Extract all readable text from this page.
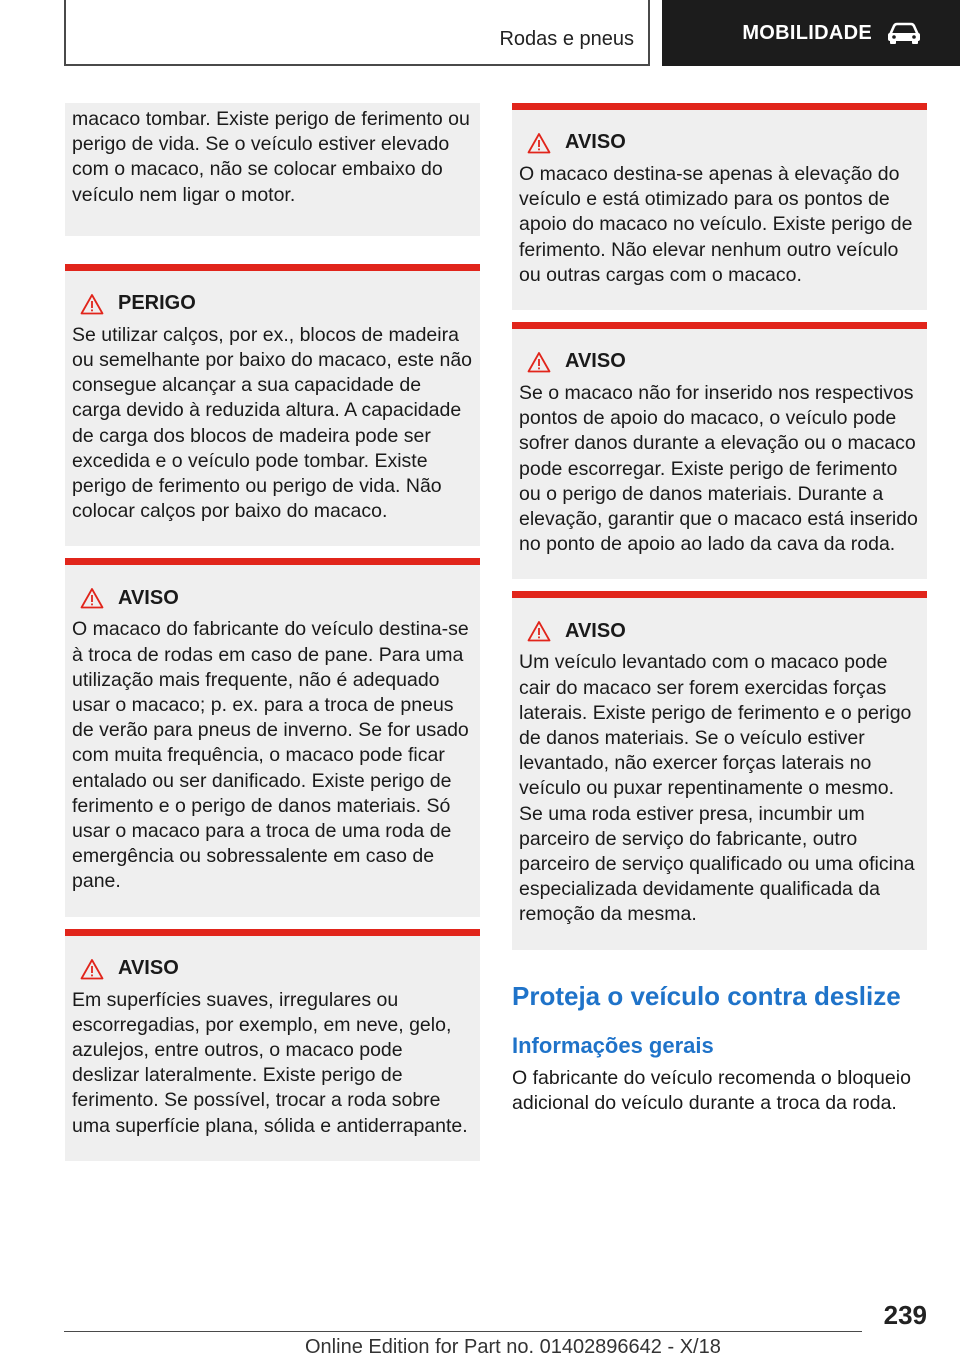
Rodas e pneus	MOBILIDADE
macaco tombar. Existe perigo de ferimento ou perigo de vida. Se o veículo estiver elevado com o macaco, não se colocar embaixo do veículo nem ligar o motor.
PERIGO
Se utilizar calços, por ex., blocos de madeira ou semelhante por baixo do macaco, este não consegue alcançar a sua capacidade de carga devido à reduzida altura. A capacidade de carga dos blocos de madeira pode ser excedida e o veículo pode tombar. Existe perigo de ferimento ou perigo de vida. Não colocar calços por baixo do macaco.
AVISO
O macaco do fabricante do veículo destina-se à troca de rodas em caso de pane. Para uma utilização mais frequente, não é adequado usar o macaco; p. ex. para a troca de pneus de verão para pneus de inverno. Se for usado com muita frequência, o macaco pode ficar entalado ou ser danificado. Existe perigo de ferimento e o perigo de danos materiais. Só usar o macaco para a troca de uma roda de emergência ou sobressalente em caso de pane.
AVISO
Em superfícies suaves, irregulares ou escorregadias, por exemplo, em neve, gelo, azulejos, entre outros, o macaco pode deslizar lateralmente. Existe perigo de ferimento. Se possível, trocar a roda sobre uma superfície plana, sólida e antiderrapante.
AVISO
O macaco destina-se apenas à elevação do veículo e está otimizado para os pontos de apoio do macaco no veículo. Existe perigo de ferimento. Não elevar nenhum outro veículo ou outras cargas com o macaco.
AVISO
Se o macaco não for inserido nos respectivos pontos de apoio do macaco, o veículo pode sofrer danos durante a elevação ou o macaco pode escorregar. Existe perigo de ferimento ou o perigo de danos materiais. Durante a elevação, garantir que o macaco está inserido no ponto de apoio ao lado da cava da roda.
AVISO
Um veículo levantado com o macaco pode cair do macaco ser forem exercidas forças laterais. Existe perigo de ferimento e o perigo de danos materiais. Se o veículo estiver levantado, não exercer forças laterais no veículo ou puxar repentinamente o mesmo. Se uma roda estiver presa, incumbir um parceiro de serviço do fabricante, outro parceiro de serviço qualificado ou uma oficina especializada devidamente qualificada da remoção da mesma.
Proteja o veículo contra deslize
Informações gerais

O fabricante do veículo recomenda o bloqueio adicional do veículo durante a troca da roda.

239
Online Edition for Part no. 01402896642 - X/18
